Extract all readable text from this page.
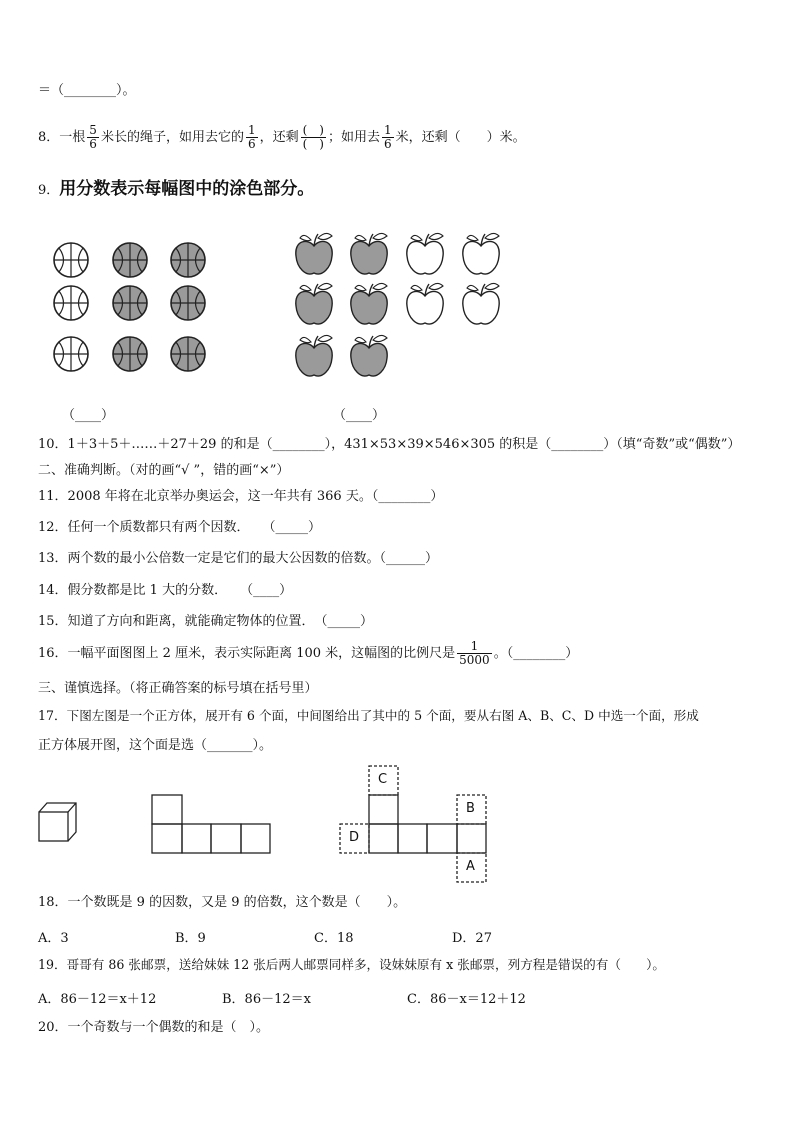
＝（________）。
8．一根 $\frac{5}{6}$ 米长的绳子，如用去它的 $\frac{1}{6}$ ，还剩 $\frac{( )}{( )}$ ；如用去 $\frac{1}{6}$ 米，还剩（　　）米。
9．用分数表示每幅图中的涂色部分。
C
B
D
A
（____）	（____）
10．1＋3＋5＋……＋27＋29 的和是（________），431×53×39×546×305 的积是（________）（填“奇数”或“偶数”）
二、准确判断。（对的画“√ ”，错的画“×”）
11．2008 年将在北京举办奥运会，这一年共有 366 天。（________）
12．任何一个质数都只有两个因数．　　（_____）
13．两个数的最小公倍数一定是它们的最大公因数的倍数。（______）
14．假分数都是比 1 大的分数．　　（____）
15．知道了方向和距离，就能确定物体的位置．　（_____）
16．一幅平面图图上 2 厘米，表示实际距离 100 米，这幅图的比例尺是 $\frac{1}{5000}$ 。（________）
三、谨慎选择。（将正确答案的标号填在括号里）
17．下图左图是一个正方体，展开有 6 个面，中间图给出了其中的 5 个面，要从右图 A、B、C、D 中选一个面，形成
正方体展开图，这个面是选（_______）。
18．一个数既是 9 的因数，又是 9 的倍数，这个数是（　　）。
A．3	B．9	C．18	D．27
19．哥哥有 86 张邮票，送给妹妹 12 张后两人邮票同样多，设妹妹原有 x 张邮票，列方程是错误的有（　　）。
A．86－12＝x＋12	B．86－12＝x	C．86－x＝12＋12
20．一个奇数与一个偶数的和是（　）。
